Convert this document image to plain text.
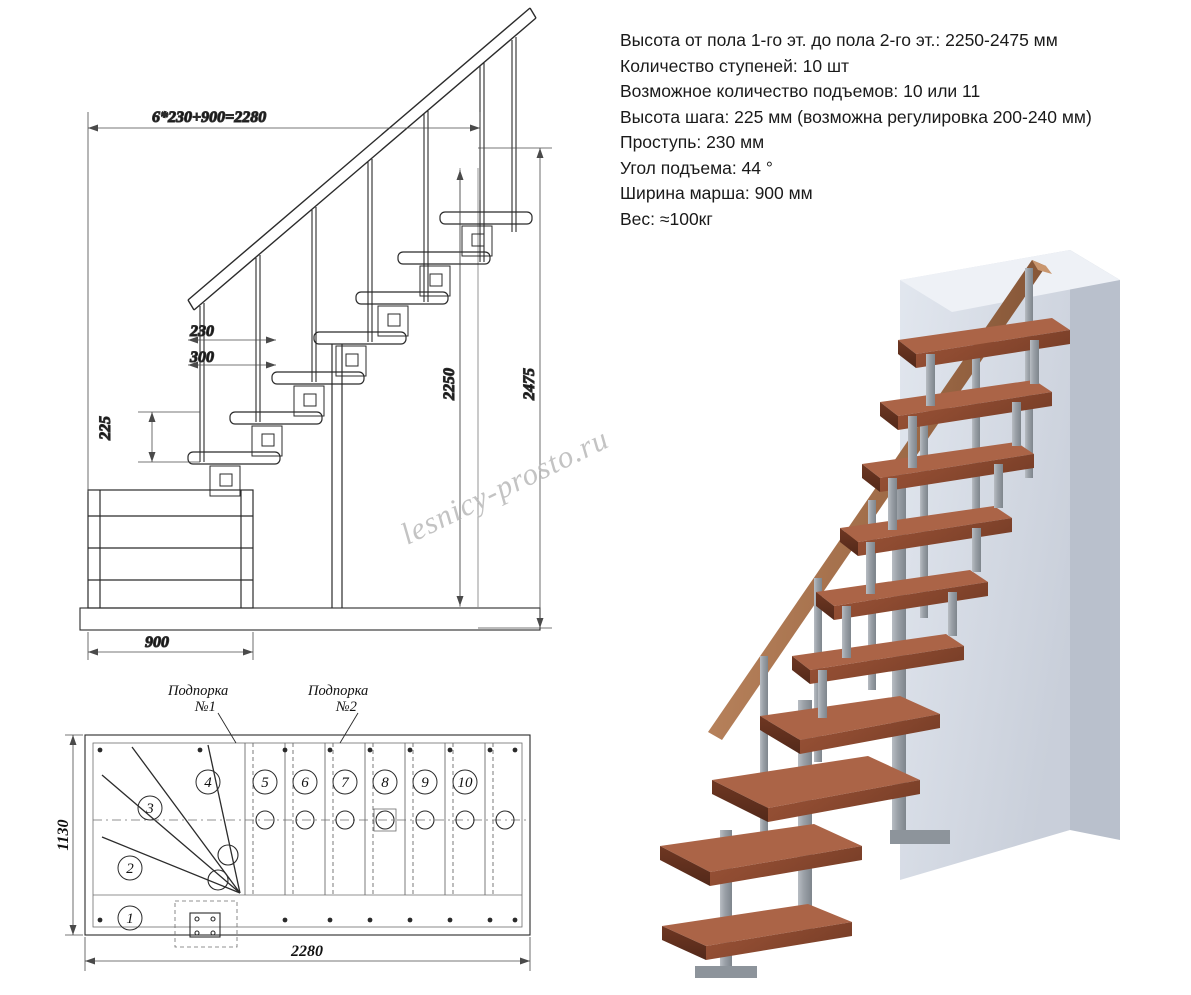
Высота от пола 1-го эт. до пола 2-го эт.: 2250-2475 мм
Количество ступеней: 10 шт
Возможное количество подъемов: 10 или 11
Высота шага: 225 мм (возможна регулировка 200-240 мм)
Проступь: 230 мм
Угол подъема: 44 °
Ширина марша: 900 мм
Вес: ≈100кг
6*230+900=2280
225
230
300
2250	2475
900
1
2
3
4	5 6 7 8 9 10
Подпорка
№1
Подпорка
№2
1130
2280
lesnicy-prosto.ru
